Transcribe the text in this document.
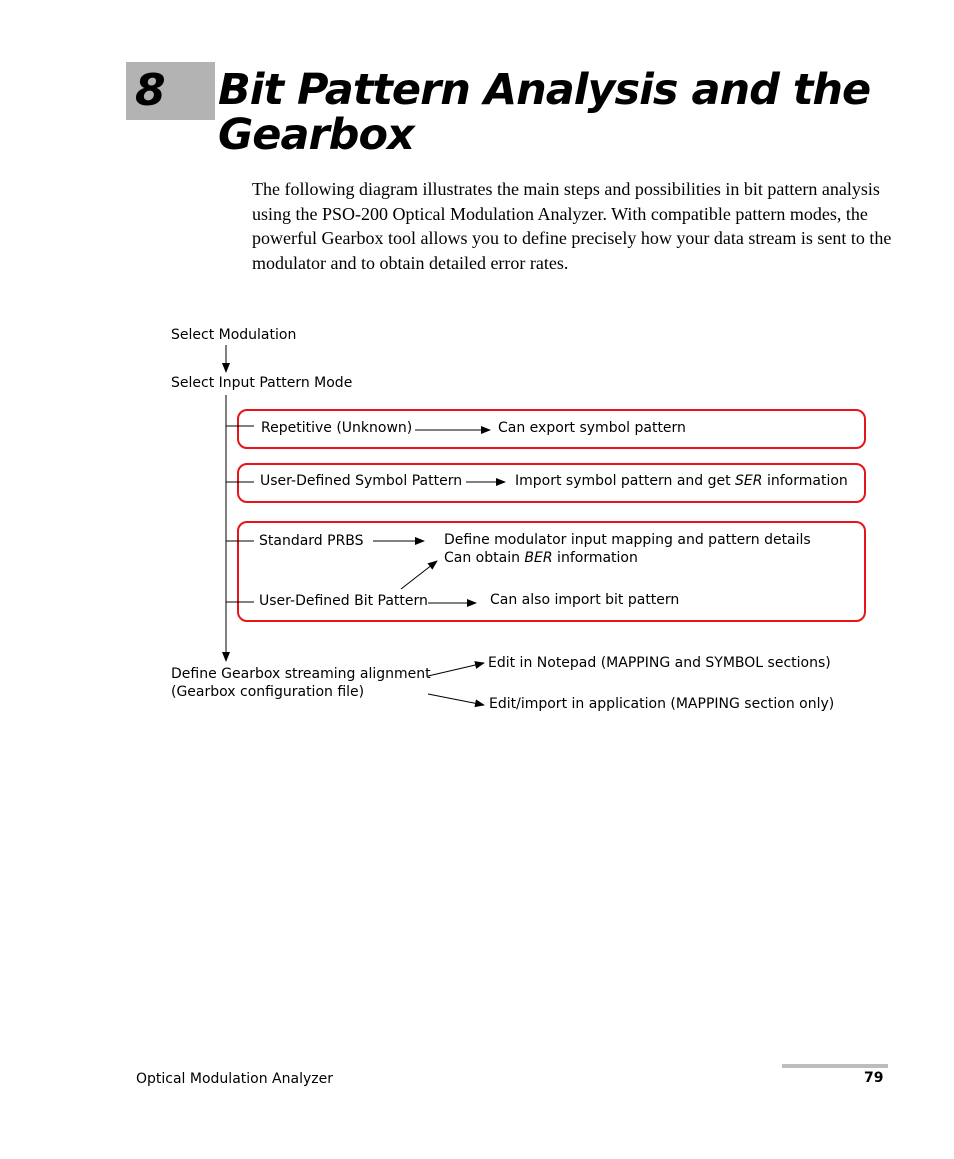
8 Bit Pattern Analysis and the Gearbox
The following diagram illustrates the main steps and possibilities in bit pattern analysis using the PSO-200 Optical Modulation Analyzer. With compatible pattern modes, the powerful Gearbox tool allows you to define precisely how your data stream is sent to the modulator and to obtain detailed error rates.
Select Modulation
Select Input Pattern Mode
Repetitive (Unknown)	Can export symbol pattern
User-Defined Symbol Pattern	Import symbol pattern and get SER information
Standard PRBS	Define modulator input mapping and pattern details
Can obtain BER information
User-Defined Bit Pattern	Can also import bit pattern
Define Gearbox streaming alignment
(Gearbox configuration file)
Edit in Notepad (MAPPING and SYMBOL sections)
Edit/import in application (MAPPING section only)
Optical Modulation Analyzer	79
